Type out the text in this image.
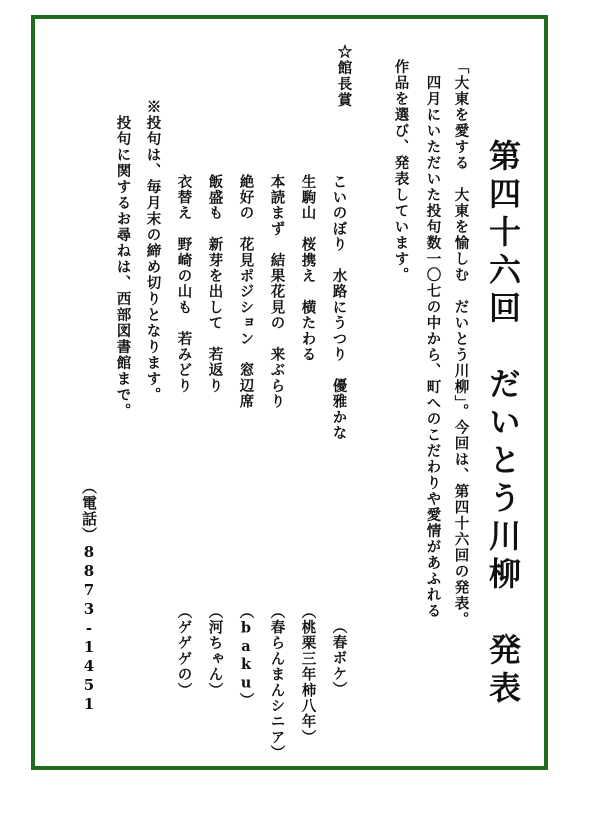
第四十六回　だいとう川柳　発表
「大東を愛する　大東を愉しむ　だいとう川柳」。今回は、第四十六回の発表。
　四月にいただいた投句数一〇七の中から、町へのこだわりや愛情があふれる
作品を選び、発表しています。
☆館長賞
こいのぼり　水路にうつり　優雅かな
（春ボケ）
生駒山　桜携え　横たわる
（桃栗三年柿八年）
本読まず　結果花見の　来ぶらり
（春らんまんシニア）
絶好の　花見ポジション　窓辺席
（baku）
飯盛も　新芽を出して　若返り
（河ちゃん）
衣替え　野崎の山も　若みどり
（ゲゲゲの）
※投句は、毎月末の締め切りとなります。
　投句に関するお尋ねは、西部図書館まで。
（電話）8873-1451
